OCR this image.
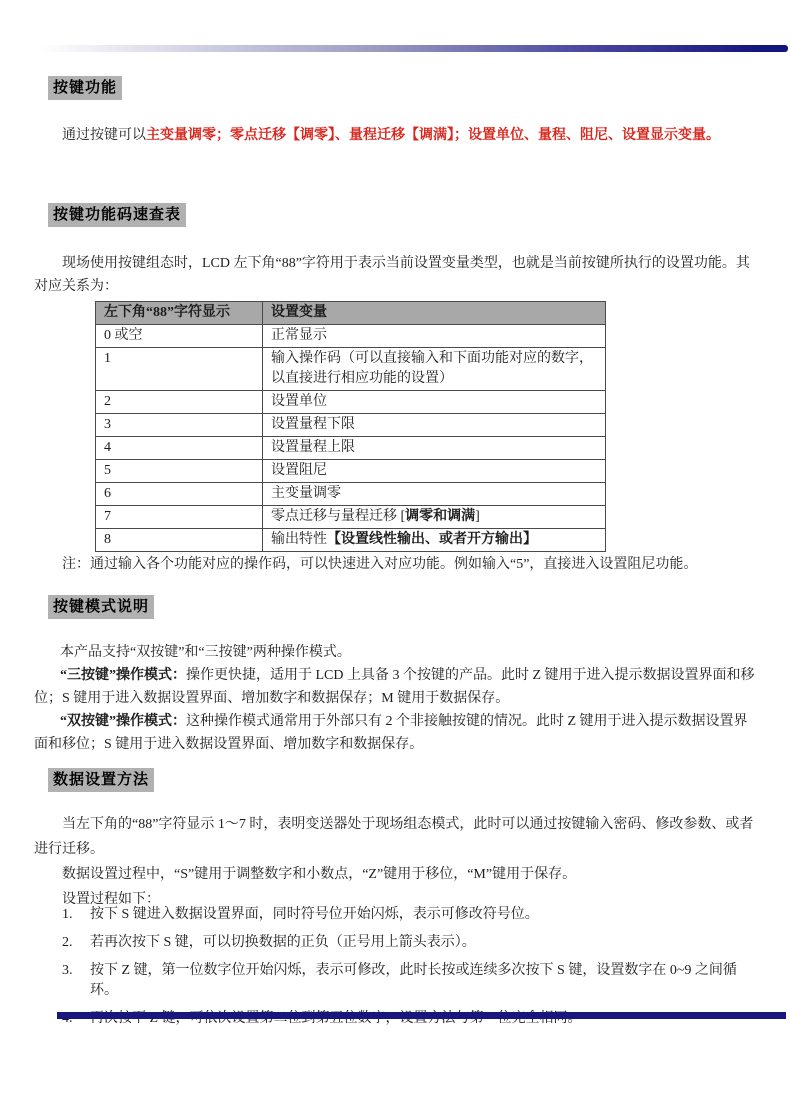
按键功能
通过按键可以主变量调零；零点迁移【调零】、量程迁移【调满】；设置单位、量程、阻尼、设置显示变量。
按键功能码速查表
现场使用按键组态时，LCD 左下角“88”字符用于表示当前设置变量类型，也就是当前按键所执行的设置功能。其对应关系为：
左下角“88”字符显示	设置变量
0 或空	正常显示
1	输入操作码（可以直接输入和下面功能对应的数字，以直接进行相应功能的设置）
2	设置单位
3	设置量程下限
4	设置量程上限
5	设置阻尼
6	主变量调零
7	零点迁移与量程迁移 [调零和调满]
8	输出特性【设置线性输出、或者开方输出】
注：通过输入各个功能对应的操作码，可以快速进入对应功能。例如输入“5”，直接进入设置阻尼功能。
按键模式说明

本产品支持“双按键”和“三按键”两种操作模式。

“三按键”操作模式：操作更快捷，适用于 LCD 上具备 3 个按键的产品。此时 Z 键用于进入提示数据设置界面和移位；S 键用于进入数据设置界面、增加数字和数据保存；M 键用于数据保存。

“双按键”操作模式：这种操作模式通常用于外部只有 2 个非接触按键的情况。此时 Z 键用于进入提示数据设置界面和移位；S 键用于进入数据设置界面、增加数字和数据保存。

数据设置方法

当左下角的“88”字符显示 1～7 时，表明变送器处于现场组态模式，此时可以通过按键输入密码、修改参数、或者进行迁移。

数据设置过程中，“S”键用于调整数字和小数点，“Z”键用于移位，“M”键用于保存。

设置过程如下：

1.	按下 S 键进入数据设置界面，同时符号位开始闪烁，表示可修改符号位。
2.	若再次按下 S 键，可以切换数据的正负（正号用上箭头表示）。
3.	按下 Z 键，第一位数字位开始闪烁，表示可修改，此时长按或连续多次按下 S 键，设置数字在 0~9 之间循环。
